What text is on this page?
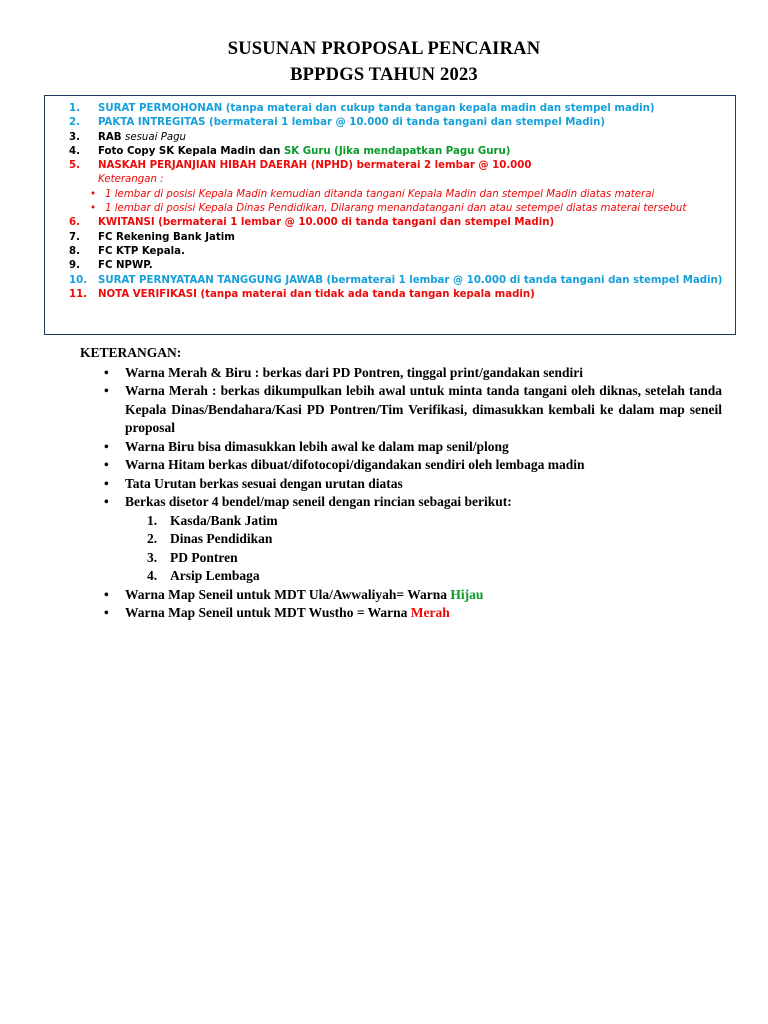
SUSUNAN PROPOSAL PENCAIRAN
BPPDGS TAHUN 2023
1.	SURAT PERMOHONAN (tanpa materai dan cukup tanda tangan kepala madin dan stempel madin)
2.	PAKTA INTREGITAS (bermaterai 1 lembar @ 10.000 di tanda tangani dan stempel Madin)
3.	RAB sesuai Pagu
4.	Foto Copy SK Kepala Madin dan SK Guru (Jika mendapatkan Pagu Guru)
5.	NASKAH PERJANJIAN HIBAH DAERAH (NPHD) bermaterai 2 lembar @ 10.000
Keterangan :
• 1 lembar di posisi Kepala Madin kemudian ditanda tangani Kepala Madin dan stempel Madin diatas materai
• 1 lembar di posisi Kepala Dinas Pendidikan, Dilarang menandatangani dan atau setempel diatas materai tersebut
6.	KWITANSI (bermaterai 1 lembar @ 10.000 di tanda tangani dan stempel Madin)
7.	FC Rekening Bank Jatim
8.	FC KTP Kepala.
9.	FC NPWP.
10.	SURAT PERNYATAAN TANGGUNG JAWAB (bermaterai 1 lembar @ 10.000 di tanda tangani dan stempel Madin)
11.	NOTA VERIFIKASI (tanpa materai dan tidak ada tanda tangan kepala madin)
KETERANGAN:
•	Warna Merah & Biru : berkas dari PD Pontren, tinggal print/gandakan sendiri
•	Warna Merah : berkas dikumpulkan lebih awal untuk minta tanda tangani oleh diknas, setelah tanda Kepala Dinas/Bendahara/Kasi PD Pontren/Tim Verifikasi, dimasukkan kembali ke dalam map seneil proposal
•	Warna Biru bisa dimasukkan lebih awal ke dalam map senil/plong
•	Warna Hitam berkas dibuat/difotocopi/digandakan sendiri oleh lembaga madin
•	Tata Urutan berkas sesuai dengan urutan diatas
•	Berkas disetor 4 bendel/map seneil dengan rincian sebagai berikut:
1. Kasda/Bank Jatim
2. Dinas Pendidikan
3. PD Pontren
4. Arsip Lembaga
•	Warna Map Seneil untuk MDT Ula/Awwaliyah= Warna Hijau
•	Warna Map Seneil untuk MDT Wustho = Warna Merah
